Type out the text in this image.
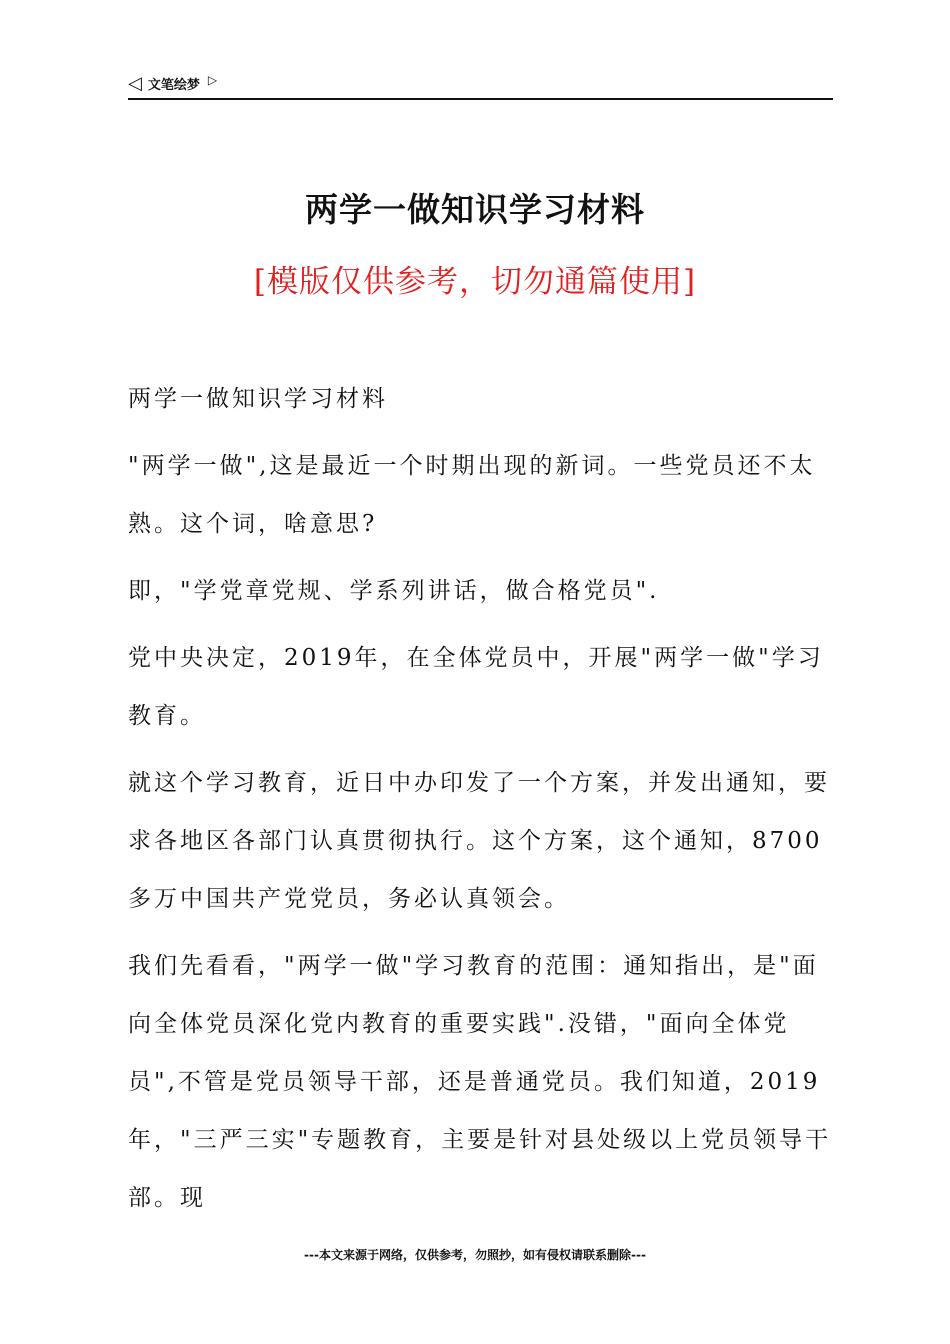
◁ 文笔绘梦 ▷
两学一做知识学习材料
[模版仅供参考，切勿通篇使用]

两学一做知识学习材料

"两学一做",这是最近一个时期出现的新词。一些党员还不太熟。这个词，啥意思?

即，"学党章党规、学系列讲话，做合格党员".

党中央决定，2019年，在全体党员中，开展"两学一做"学习教育。

就这个学习教育，近日中办印发了一个方案，并发出通知，要求各地区各部门认真贯彻执行。这个方案，这个通知，8700多万中国共产党党员，务必认真领会。

我们先看看，"两学一做"学习教育的范围：通知指出，是"面向全体党员深化党内教育的重要实践".没错，"面向全体党员",不管是党员领导干部，还是普通党员。我们知道，2019年，"三严三实"专题教育，主要是针对县处级以上党员领导干部。现

---本文来源于网络，仅供参考，勿照抄，如有侵权请联系删除---
